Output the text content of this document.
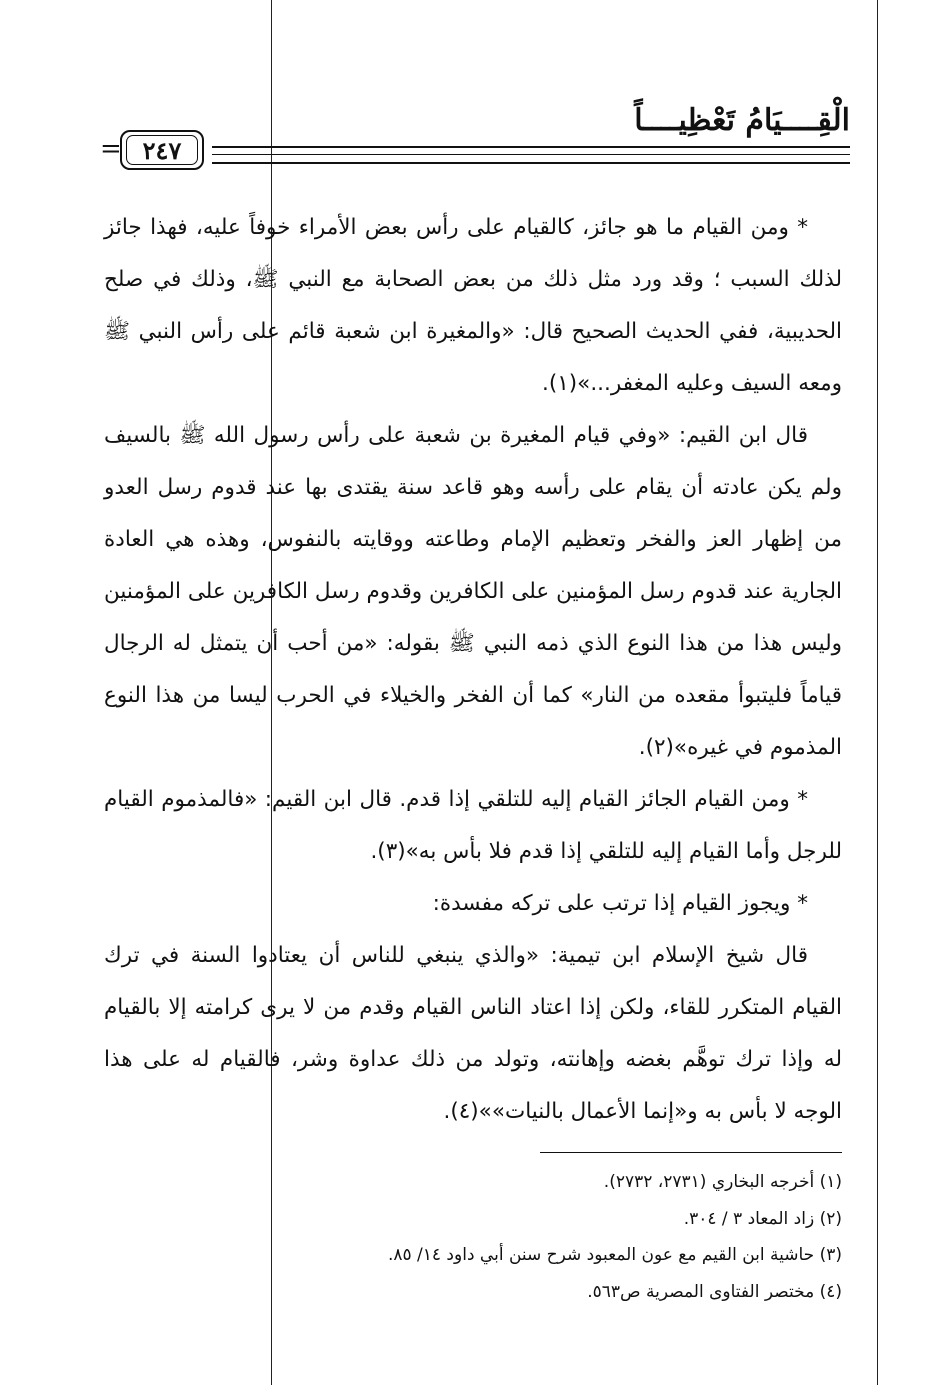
الْقِــــيَامُ تَعْظِيــــاً
= ٢٤٧

* ومن القيام ما هو جائز، كالقيام على رأس بعض الأمراء خوفاً عليه، فهذا جائز لذلك السبب ؛ وقد ورد مثل ذلك من بعض الصحابة مع النبي ﷺ، وذلك في صلح الحديبية، ففي الحديث الصحيح قال: «والمغيرة ابن شعبة قائم على رأس النبي ﷺ ومعه السيف وعليه المغفر...»(١).

قال ابن القيم: «وفي قيام المغيرة بن شعبة على رأس رسول الله ﷺ بالسيف ولم يكن عادته أن يقام على رأسه وهو قاعد سنة يقتدى بها عند قدوم رسل العدو من إظهار العز والفخر وتعظيم الإمام وطاعته ووقايته بالنفوس، وهذه هي العادة الجارية عند قدوم رسل المؤمنين على الكافرين وقدوم رسل الكافرين على المؤمنين وليس هذا من هذا النوع الذي ذمه النبي ﷺ بقوله: «من أحب أن يتمثل له الرجال قياماً فليتبوأ مقعده من النار» كما أن الفخر والخيلاء في الحرب ليسا من هذا النوع المذموم في غيره»(٢).

* ومن القيام الجائز القيام إليه للتلقي إذا قدم. قال ابن القيم: «فالمذموم القيام للرجل وأما القيام إليه للتلقي إذا قدم فلا بأس به»(٣).

* ويجوز القيام إذا ترتب على تركه مفسدة:

قال شيخ الإسلام ابن تيمية: «والذي ينبغي للناس أن يعتادوا السنة في ترك القيام المتكرر للقاء، ولكن إذا اعتاد الناس القيام وقدم من لا يرى كرامته إلا بالقيام له وإذا ترك توهَّم بغضه وإهانته، وتولد من ذلك عداوة وشر، فالقيام له على هذا الوجه لا بأس به و«إنما الأعمال بالنيات»»(٤).

(١) أخرجه البخاري (٢٧٣١، ٢٧٣٢).
(٢) زاد المعاد ٣ / ٣٠٤.
(٣) حاشية ابن القيم مع عون المعبود شرح سنن أبي داود ١٤/ ٨٥.
(٤) مختصر الفتاوى المصرية ص٥٦٣.
